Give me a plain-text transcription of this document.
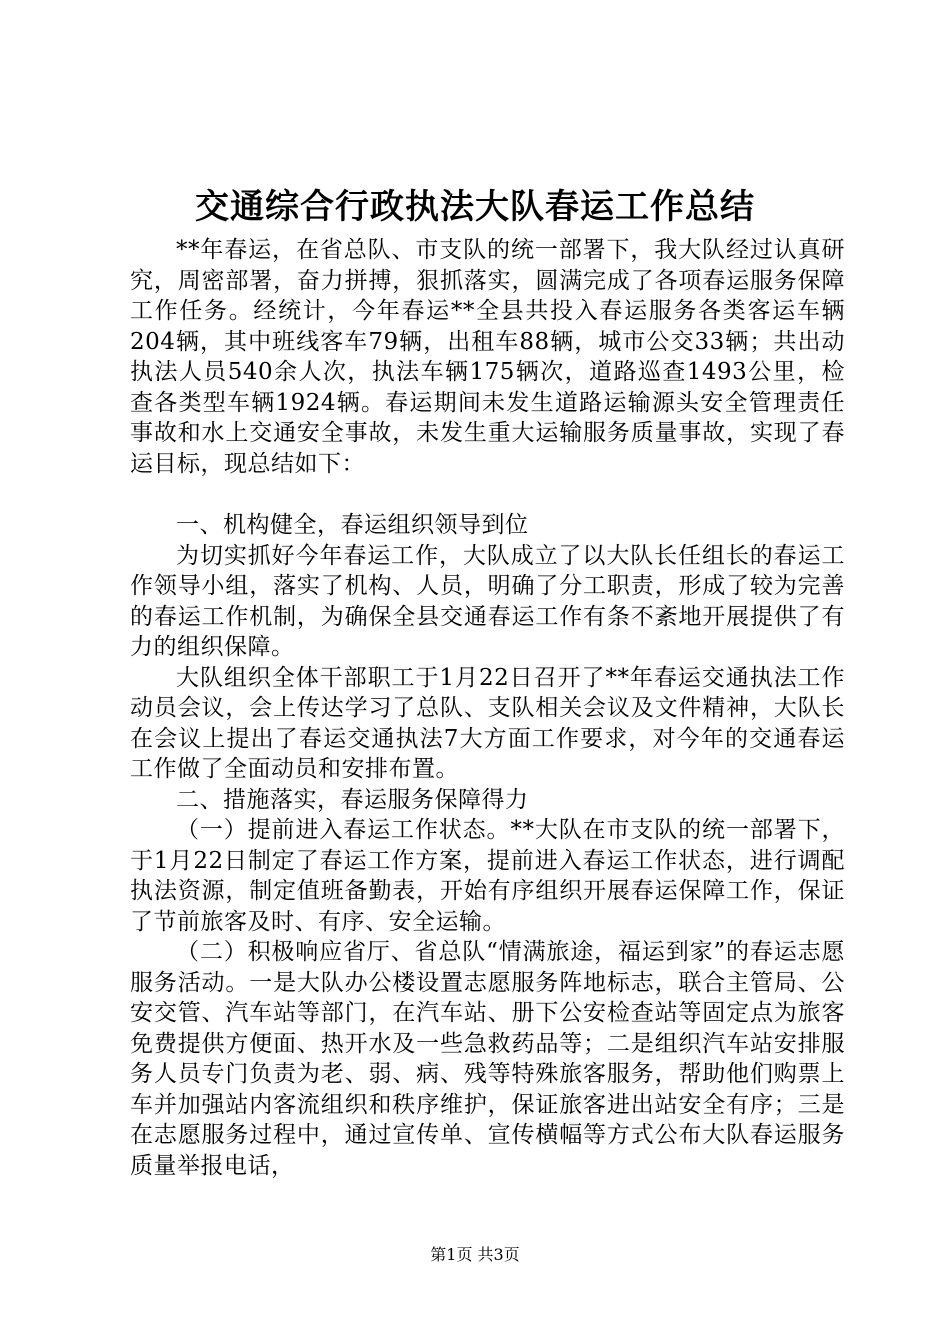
交通综合行政执法大队春运工作总结

**年春运，在省总队、市支队的统一部署下，我大队经过认真研究，周密部署，奋力拼搏，狠抓落实，圆满完成了各项春运服务保障工作任务。经统计，今年春运**全县共投入春运服务各类客运车辆204辆，其中班线客车79辆，出租车88辆，城市公交33辆；共出动执法人员540余人次，执法车辆175辆次，道路巡查1493公里，检查各类型车辆1924辆。春运期间未发生道路运输源头安全管理责任事故和水上交通安全事故，未发生重大运输服务质量事故，实现了春运目标，现总结如下：

一、机构健全，春运组织领导到位

为切实抓好今年春运工作，大队成立了以大队长任组长的春运工作领导小组，落实了机构、人员，明确了分工职责，形成了较为完善的春运工作机制，为确保全县交通春运工作有条不紊地开展提供了有力的组织保障。

大队组织全体干部职工于1月22日召开了**年春运交通执法工作动员会议，会上传达学习了总队、支队相关会议及文件精神，大队长在会议上提出了春运交通执法7大方面工作要求，对今年的交通春运工作做了全面动员和安排布置。

二、措施落实，春运服务保障得力

（一）提前进入春运工作状态。**大队在市支队的统一部署下，于1月22日制定了春运工作方案，提前进入春运工作状态，进行调配执法资源，制定值班备勤表，开始有序组织开展春运保障工作，保证了节前旅客及时、有序、安全运输。

（二）积极响应省厅、省总队“情满旅途，福运到家”的春运志愿服务活动。一是大队办公楼设置志愿服务阵地标志，联合主管局、公安交管、汽车站等部门，在汽车站、册下公安检查站等固定点为旅客免费提供方便面、热开水及一些急救药品等；二是组织汽车站安排服务人员专门负责为老、弱、病、残等特殊旅客服务，帮助他们购票上车并加强站内客流组织和秩序维护，保证旅客进出站安全有序；三是在志愿服务过程中，通过宣传单、宣传横幅等方式公布大队春运服务质量举报电话，

第1页 共3页
